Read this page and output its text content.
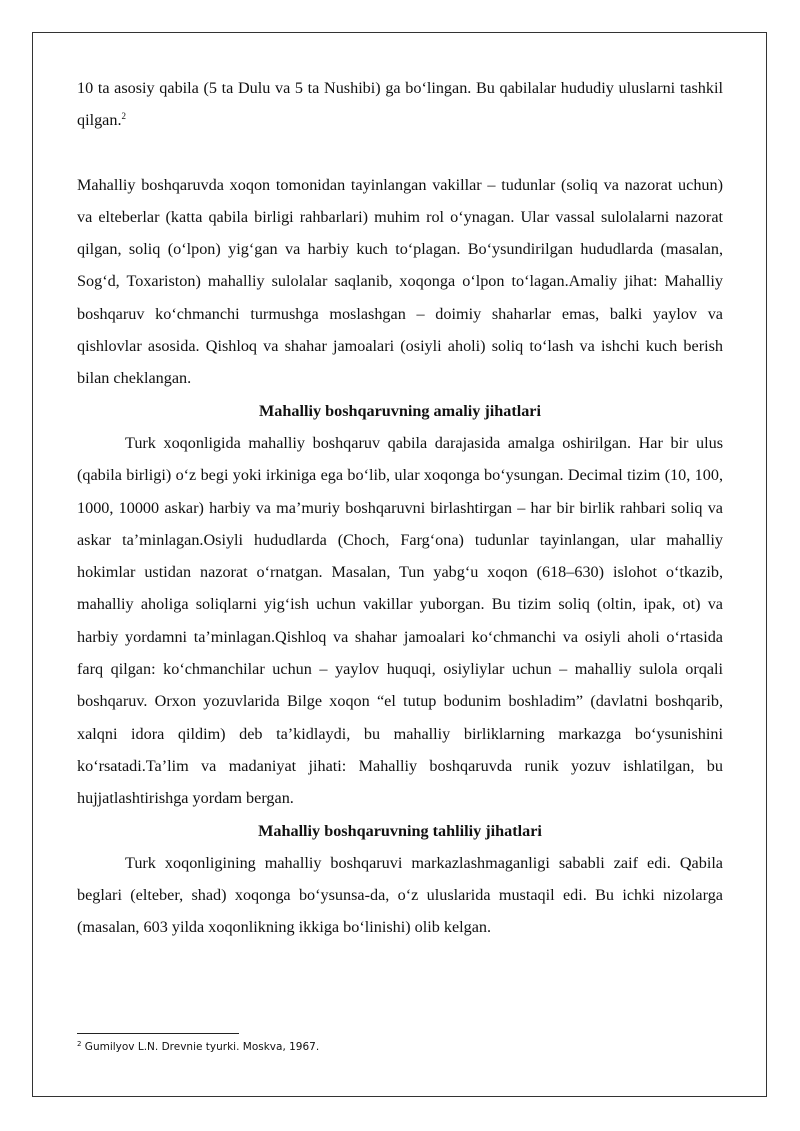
10 ta asosiy qabila (5 ta Dulu va 5 ta Nushibi) ga bo‘lingan. Bu qabilalar hududiy uluslarni tashkil qilgan.$^2$

Mahalliy boshqaruvda xoqon tomonidan tayinlangan vakillar – tudunlar (soliq va nazorat uchun) va elteberlar (katta qabila birligi rahbarlari) muhim rol o‘ynagan. Ular vassal sulolalarni nazorat qilgan, soliq (o‘lpon) yig‘gan va harbiy kuch to‘plagan. Bo‘ysundirilgan hududlarda (masalan, Sog‘d, Toxariston) mahalliy sulolalar saqlanib, xoqonga o‘lpon to‘lagan.Amaliy jihat: Mahalliy boshqaruv ko‘chmanchi turmushga moslashgan – doimiy shaharlar emas, balki yaylov va qishlovlar asosida. Qishloq va shahar jamoalari (osiyli aholi) soliq to‘lash va ishchi kuch berish bilan cheklangan.

Mahalliy boshqaruvning amaliy jihatlari

Turk xoqonligida mahalliy boshqaruv qabila darajasida amalga oshirilgan. Har bir ulus (qabila birligi) o‘z begi yoki irkiniga ega bo‘lib, ular xoqonga bo‘ysungan. Decimal tizim (10, 100, 1000, 10000 askar) harbiy va ma’muriy boshqaruvni birlashtirgan – har bir birlik rahbari soliq va askar ta’minlagan.Osiyli hududlarda (Choch, Farg‘ona) tudunlar tayinlangan, ular mahalliy hokimlar ustidan nazorat o‘rnatgan. Masalan, Tun yabg‘u xoqon (618–630) islohot o‘tkazib, mahalliy aholiga soliqlarni yig‘ish uchun vakillar yuborgan. Bu tizim soliq (oltin, ipak, ot) va harbiy yordamni ta’minlagan.Qishloq va shahar jamoalari ko‘chmanchi va osiyli aholi o‘rtasida farq qilgan: ko‘chmanchilar uchun – yaylov huquqi, osiyliylar uchun – mahalliy sulola orqali boshqaruv. Orxon yozuvlarida Bilge xoqon “el tutup bodunim boshladim” (davlatni boshqarib, xalqni idora qildim) deb ta’kidlaydi, bu mahalliy birliklarning markazga bo‘ysunishini ko‘rsatadi.Ta’lim va madaniyat jihati: Mahalliy boshqaruvda runik yozuv ishlatilgan, bu hujjatlashtirishga yordam bergan.

Mahalliy boshqaruvning tahliliy jihatlari

Turk xoqonligining mahalliy boshqaruvi markazlashmaganligi sababli zaif edi. Qabila beglari (elteber, shad) xoqonga bo‘ysunsa-da, o‘z uluslarida mustaqil edi. Bu ichki nizolarga (masalan, 603 yilda xoqonlikning ikkiga bo‘linishi) olib kelgan.

$^2$ Gumilyov L.N. Drevnie tyurki. Moskva, 1967.
